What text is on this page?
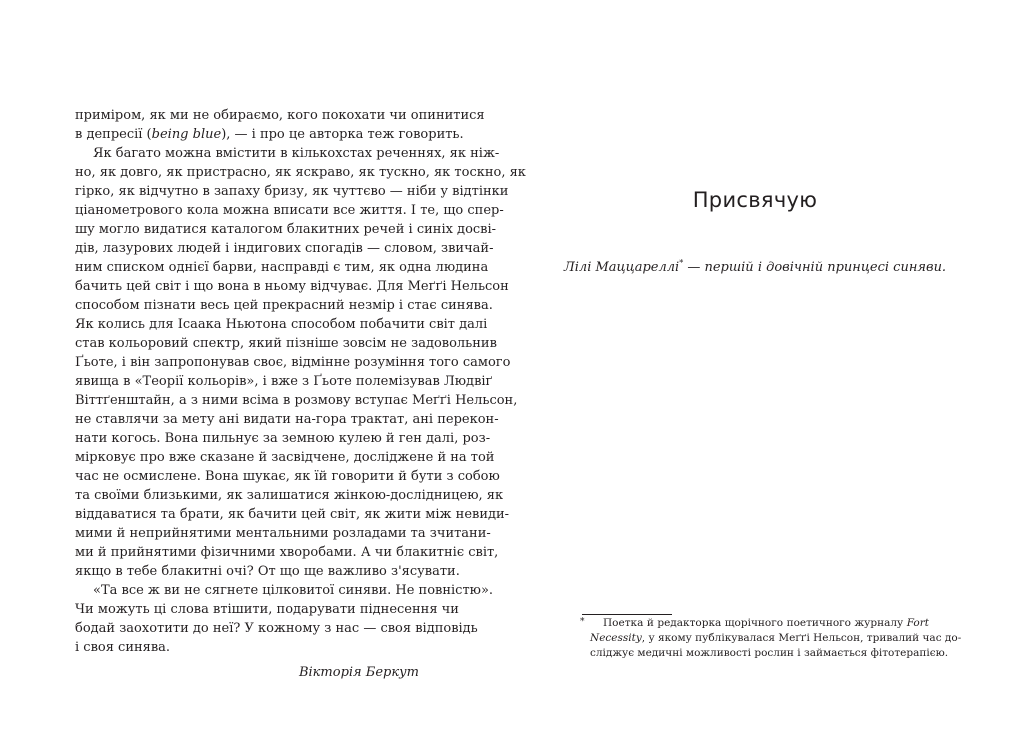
приміром, як ми не обираємо, кого покохати чи опинитися
в депресії (being blue), — і про це авторка теж говорить.
Як багато можна вмістити в кількохстах реченнях, як ніж-
но, як довго, як пристрасно, як яскраво, як тускно, як тоскно, як
гірко, як відчутно в запаху бризу, як чуттєво — ніби у відтінки
ціанометрового кола можна вписати все життя. І те, що спер-
шу могло видатися каталогом блакитних речей і синіх досві-
дів, лазурових людей і індигових спогадів — словом, звичай-
ним списком однієї барви, насправді є тим, як одна людина
бачить цей світ і що вона в ньому відчуває. Для Меґґі Нельсон
способом пізнати весь цей прекрасний незмір і стає синява.
Як колись для Ісаака Ньютона способом побачити світ далі
став кольоровий спектр, який пізніше зовсім не задовольнив
Ґьоте, і він запропонував своє, відмінне розуміння того самого
явища в «Теорії кольорів», і вже з Ґьоте полемізував Людвіґ
Віттґенштайн, а з ними всіма в розмову вступає Меґґі Нельсон,
не ставлячи за мету ані видати на-гора трактат, ані перекон-
нати когось. Вона пильнує за земною кулею й ген далі, роз-
мірковує про вже сказане й засвідчене, досліджене й на той
час не осмислене. Вона шукає, як їй говорити й бути з собою
та своїми близькими, як залишатися жінкою-дослідницею, як
віддаватися та брати, як бачити цей світ, як жити між невиди-
мими й неприйнятими ментальними розладами та зчитани-
ми й прийнятими фізичними хворобами. А чи блакитніє світ,
якщо в тебе блакитні очі? От що ще важливо з'ясувати.
«Та все ж ви не сягнете цілковитої синяви. Не повністю».
Чи можуть ці слова втішити, подарувати піднесення чи
бодай заохотити до неї? У кожному з нас — своя відповідь
і своя синява.
Вікторія Беркут
Присвячую
Лілі Маццареллі* — першій і довічній принцесі синяви.
* Поетка й редакторка щорічного поетичного журналу Fort
Necessity, у якому публікувалася Меґґі Нельсон, тривалий час до-
сліджує медичні можливості рослин і займається фітотерапією.
